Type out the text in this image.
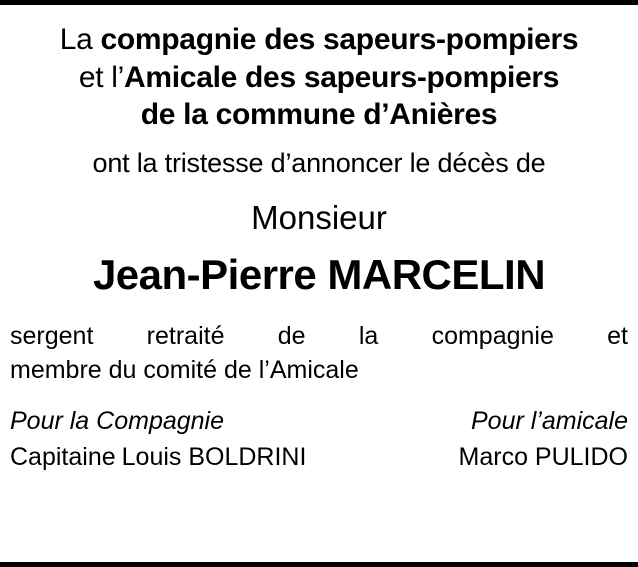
La compagnie des sapeurs-pompiers
et l’Amicale des sapeurs-pompiers
de la commune d’Anières
ont la tristesse d’annoncer le décès de
Monsieur
Jean-Pierre MARCELIN
sergent retraité de la compagnie et
membre du comité de l’Amicale
Pour la Compagnie
Capitaine Louis BOLDRINI
Pour l’amicale
Marco PULIDO
